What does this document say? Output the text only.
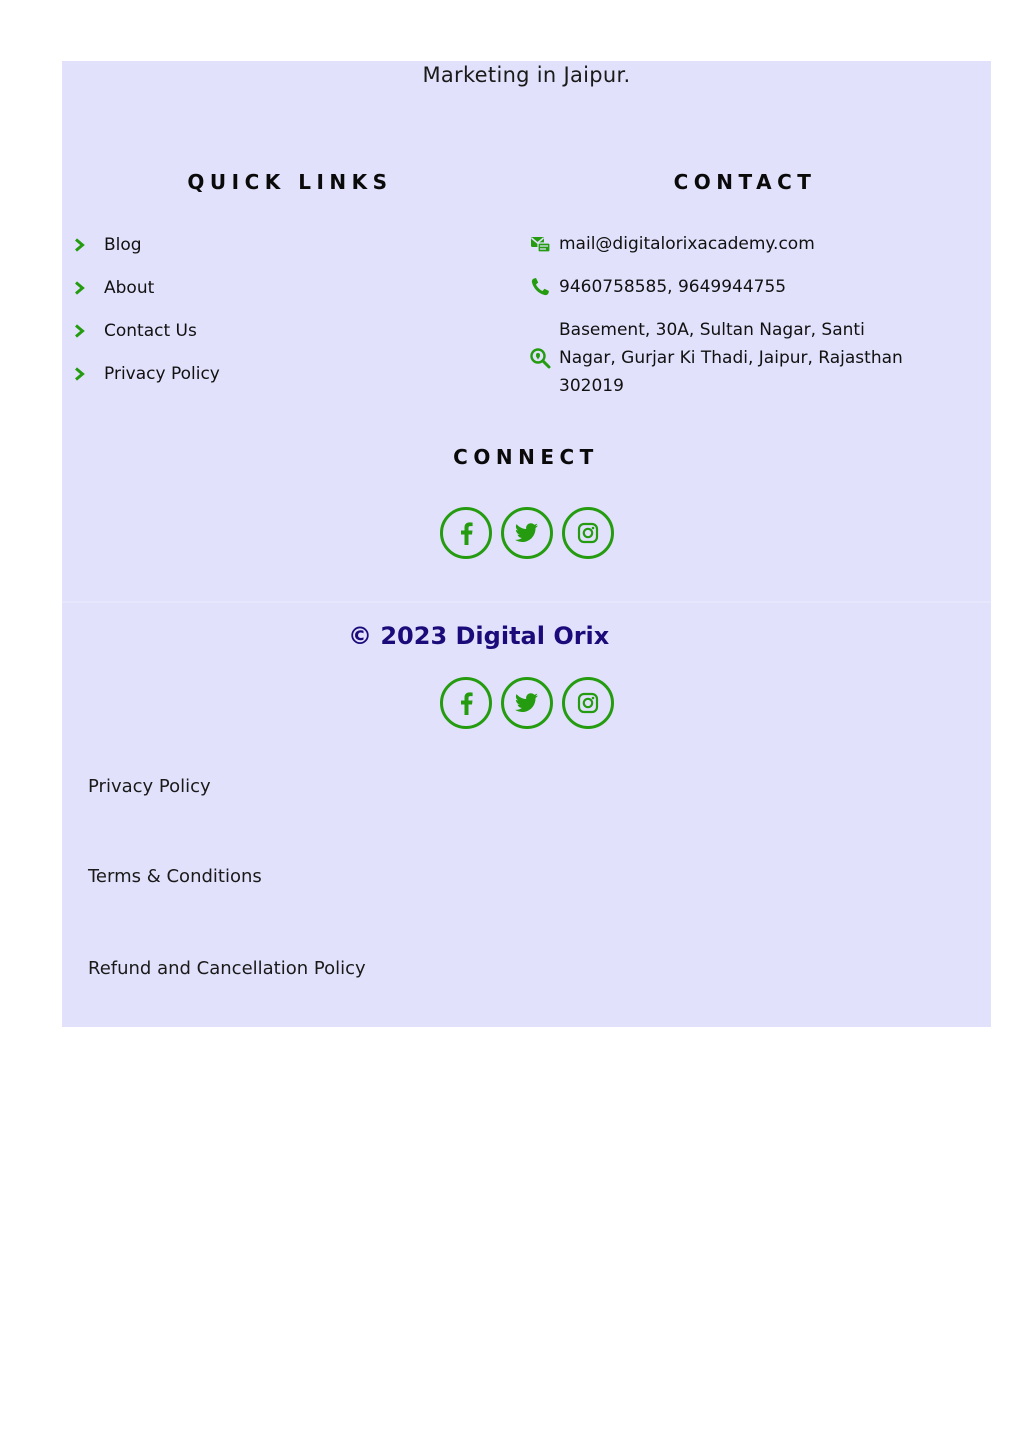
Marketing in Jaipur.
QUICK LINKS
Blog
About
Contact Us
Privacy Policy
CONTACT
mail@digitalorixacademy.com
9460758585, 9649944755
Basement, 30A, Sultan Nagar, Santi Nagar, Gurjar Ki Thadi, Jaipur, Rajasthan 302019
CONNECT
© 2023 Digital Orix
Privacy Policy
Terms & Conditions
Refund and Cancellation Policy
